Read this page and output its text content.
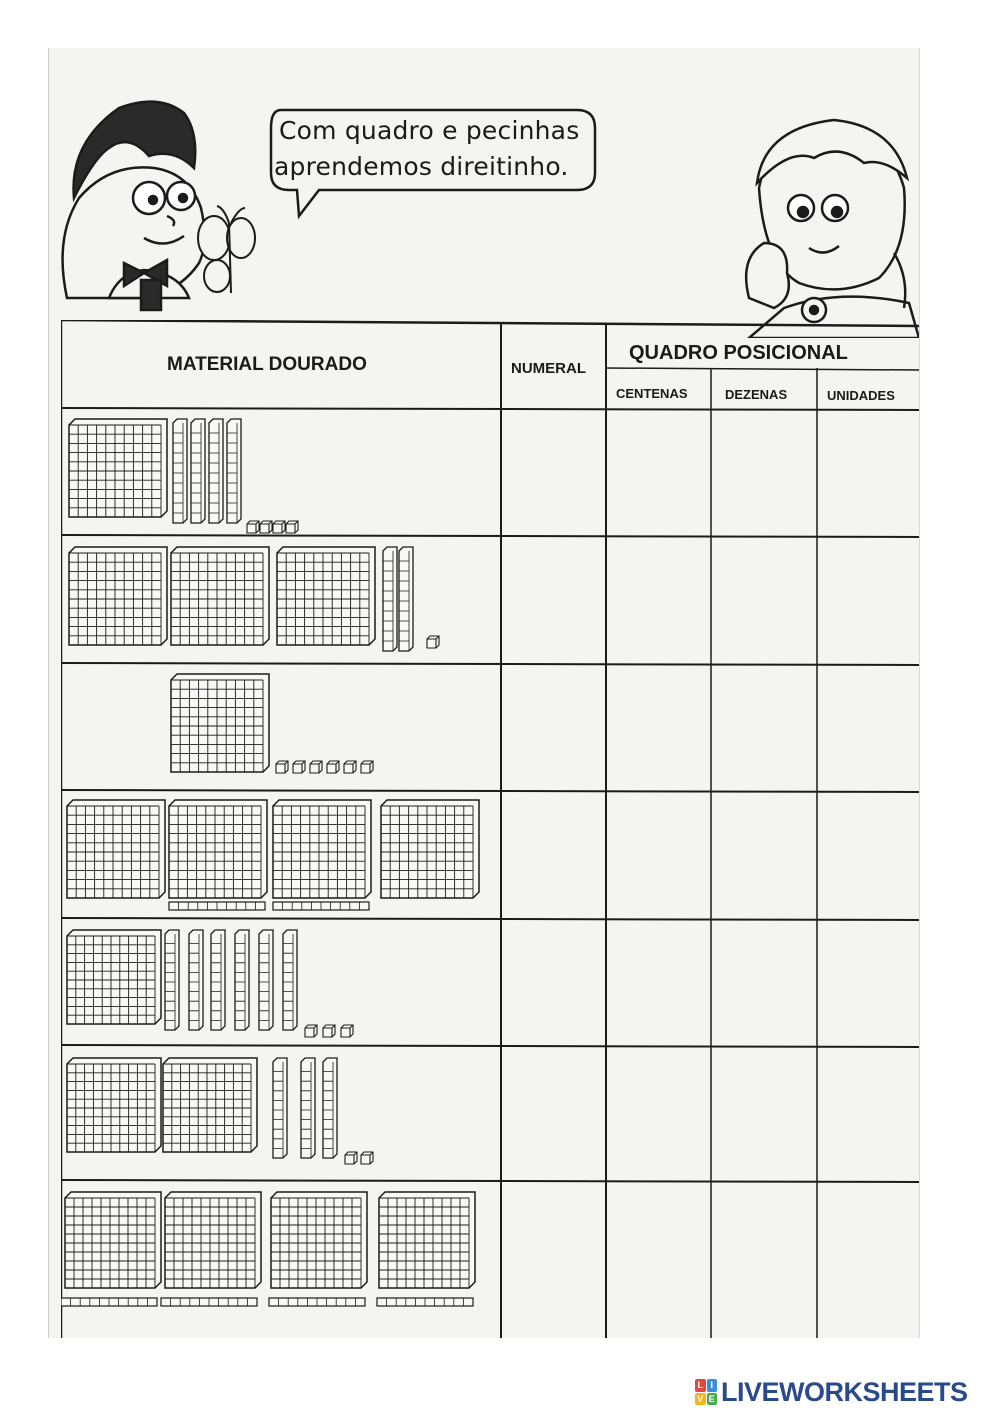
Com quadro e pecinhas
aprendemos direitinho.
MATERIAL DOURADO	NUMERAL
QUADRO POSICIONAL
CENTENAS	DEZENAS	UNIDADES
L I
V E LIVEWORKSHEETS
